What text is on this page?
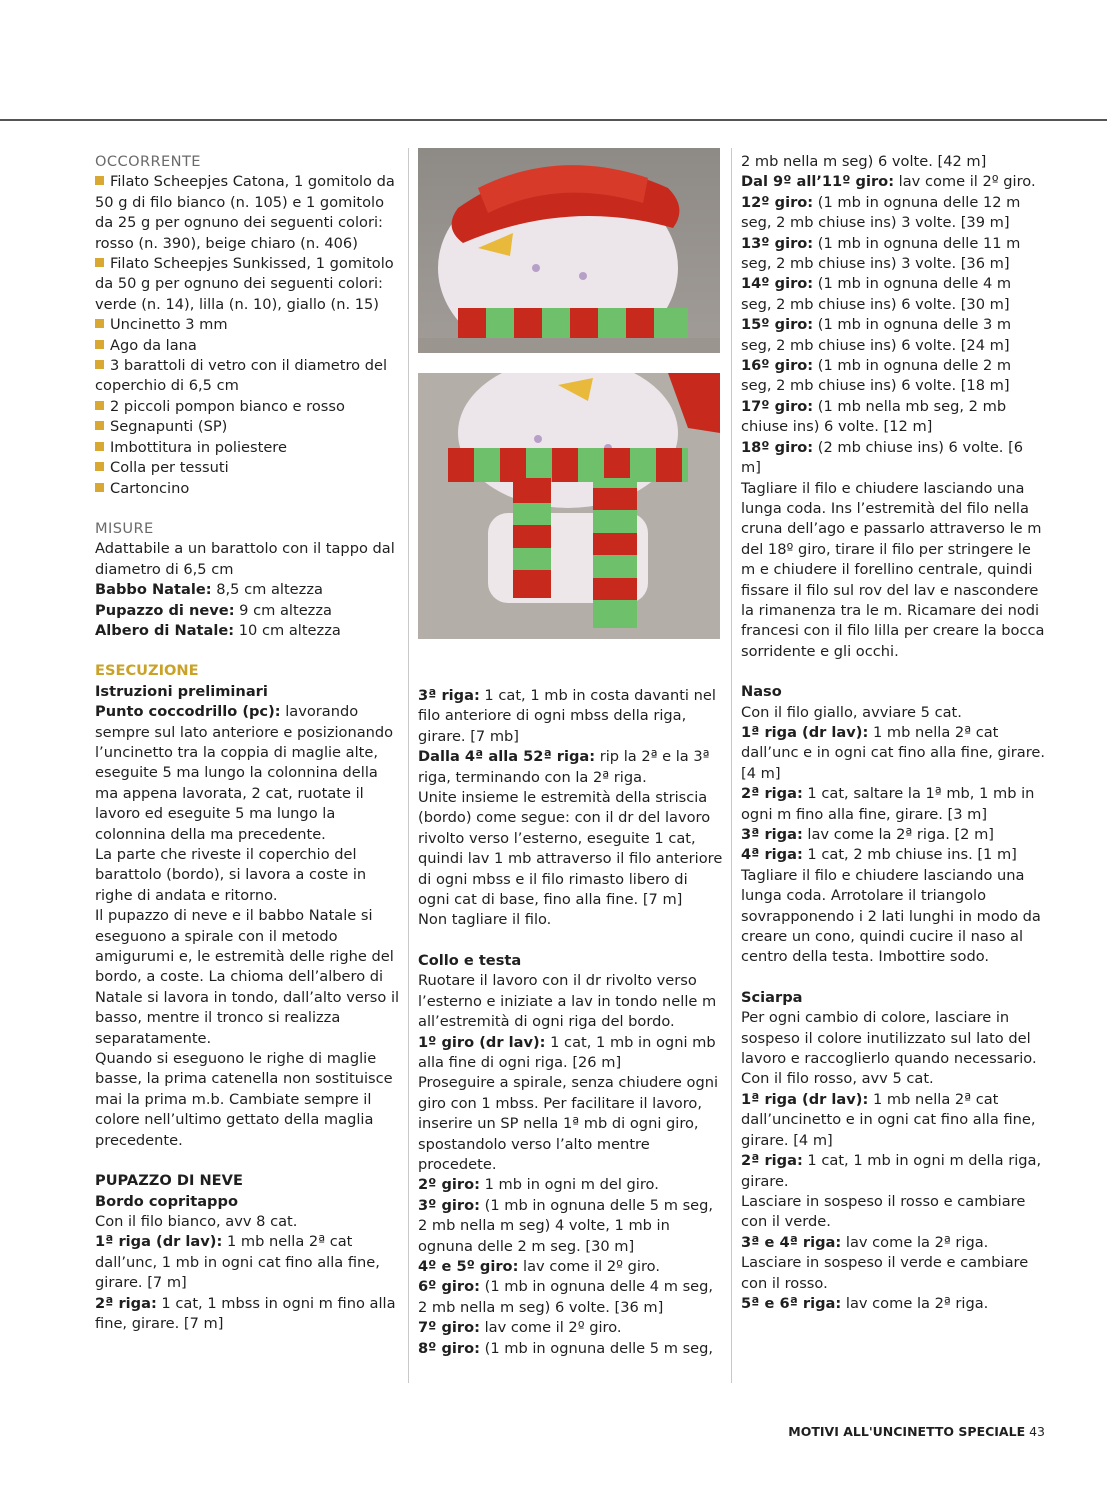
OCCORRENTE

Filato Scheepjes Catona, 1 gomitolo da 50 g di filo bianco (n. 105) e 1 gomitolo da 25 g per ognuno dei seguenti colori: rosso (n. 390), beige chiaro (n. 406)

Filato Scheepjes Sunkissed, 1 gomitolo da 50 g per ognuno dei seguenti colori: verde (n. 14), lilla (n. 10), giallo (n. 15)

Uncinetto 3 mm

Ago da lana

3 barattoli di vetro con il diametro del coperchio di 6,5 cm

2 piccoli pompon bianco e rosso

Segnapunti (SP)

Imbottitura in poliestere

Colla per tessuti

Cartoncino

MISURE

Adattabile a un barattolo con il tappo dal diametro di 6,5 cm

Babbo Natale: 8,5 cm altezza

Pupazzo di neve: 9 cm altezza

Albero di Natale: 10 cm altezza

ESECUZIONE

Istruzioni preliminari

Punto coccodrillo (pc): lavorando sempre sul lato anteriore e posizionando l’uncinetto tra la coppia di maglie alte, eseguite 5 ma lungo la colonnina della ma appena lavorata, 2 cat, ruotate il lavoro ed eseguite 5 ma lungo la colonnina della ma precedente.

La parte che riveste il coperchio del barattolo (bordo), si lavora a coste in righe di andata e ritorno.

Il pupazzo di neve e il babbo Natale si eseguono a spirale con il metodo amigurumi e, le estremità delle righe del bordo, a coste. La chioma dell’albero di Natale si lavora in tondo, dall’alto verso il basso, mentre il tronco si realizza separatamente.

Quando si eseguono le righe di maglie basse, la prima catenella non sostituisce mai la prima m.b. Cambiate sempre il colore nell’ultimo gettato della maglia precedente.

PUPAZZO DI NEVE

Bordo copritappo

Con il filo bianco, avv 8 cat.

1ª riga (dr lav): 1 mb nella 2ª cat dall’unc, 1 mb in ogni cat fino alla fine, girare. [7 m]

2ª riga: 1 cat, 1 mbss in ogni m fino alla fine, girare. [7 m]

3ª riga: 1 cat, 1 mb in costa davanti nel filo anteriore di ogni mbss della riga, girare. [7 mb]

Dalla 4ª alla 52ª riga: rip la 2ª e la 3ª riga, terminando con la 2ª riga.

Unite insieme le estremità della striscia (bordo) come segue: con il dr del lavoro rivolto verso l’esterno, eseguite 1 cat, quindi lav 1 mb attraverso il filo anteriore di ogni mbss e il filo rimasto libero di ogni cat di base, fino alla fine. [7 m]

Non tagliare il filo.

Collo e testa

Ruotare il lavoro con il dr rivolto verso l’esterno e iniziate a lav in tondo nelle m all’estremità di ogni riga del bordo.

1º giro (dr lav): 1 cat, 1 mb in ogni mb alla fine di ogni riga. [26 m]

Proseguire a spirale, senza chiudere ogni giro con 1 mbss. Per facilitare il lavoro, inserire un SP nella 1ª mb di ogni giro, spostandolo verso l’alto mentre procedete.

2º giro: 1 mb in ogni m del giro.

3º giro: (1 mb in ognuna delle 5 m seg, 2 mb nella m seg) 4 volte, 1 mb in ognuna delle 2 m seg. [30 m]

4º e 5º giro: lav come il 2º giro.

6º giro: (1 mb in ognuna delle 4 m seg, 2 mb nella m seg) 6 volte. [36 m]

7º giro: lav come il 2º giro.

8º giro: (1 mb in ognuna delle 5 m seg,

2 mb nella m seg) 6 volte. [42 m]

Dal 9º all’11º giro: lav come il 2º giro.

12º giro: (1 mb in ognuna delle 12 m seg, 2 mb chiuse ins) 3 volte. [39 m]

13º giro: (1 mb in ognuna delle 11 m seg, 2 mb chiuse ins) 3 volte. [36 m]

14º giro: (1 mb in ognuna delle 4 m seg, 2 mb chiuse ins) 6 volte. [30 m]

15º giro: (1 mb in ognuna delle 3 m seg, 2 mb chiuse ins) 6 volte. [24 m]

16º giro: (1 mb in ognuna delle 2 m seg, 2 mb chiuse ins) 6 volte. [18 m]

17º giro: (1 mb nella mb seg, 2 mb chiuse ins) 6 volte. [12 m]

18º giro: (2 mb chiuse ins) 6 volte. [6 m]

Tagliare il filo e chiudere lasciando una lunga coda. Ins l’estremità del filo nella cruna dell’ago e passarlo attraverso le m del 18º giro, tirare il filo per stringere le m e chiudere il forellino centrale, quindi fissare il filo sul rov del lav e nascondere la rimanenza tra le m. Ricamare dei nodi francesi con il filo lilla per creare la bocca sorridente e gli occhi.

Naso

Con il filo giallo, avviare 5 cat.

1ª riga (dr lav): 1 mb nella 2ª cat dall’unc e in ogni cat fino alla fine, girare. [4 m]

2ª riga: 1 cat, saltare la 1ª mb, 1 mb in ogni m fino alla fine, girare. [3 m]

3ª riga: lav come la 2ª riga. [2 m]

4ª riga: 1 cat, 2 mb chiuse ins. [1 m]

Tagliare il filo e chiudere lasciando una lunga coda. Arrotolare il triangolo sovrapponendo i 2 lati lunghi in modo da creare un cono, quindi cucire il naso al centro della testa. Imbottire sodo.

Sciarpa

Per ogni cambio di colore, lasciare in sospeso il colore inutilizzato sul lato del lavoro e raccoglierlo quando necessario.

Con il filo rosso, avv 5 cat.

1ª riga (dr lav): 1 mb nella 2ª cat dall’uncinetto e in ogni cat fino alla fine, girare. [4 m]

2ª riga: 1 cat, 1 mb in ogni m della riga, girare.

Lasciare in sospeso il rosso e cambiare con il verde.

3ª e 4ª riga: lav come la 2ª riga.

Lasciare in sospeso il verde e cambiare con il rosso.

5ª e 6ª riga: lav come la 2ª riga.

MOTIVI ALL'UNCINETTO SPECIALE 43
